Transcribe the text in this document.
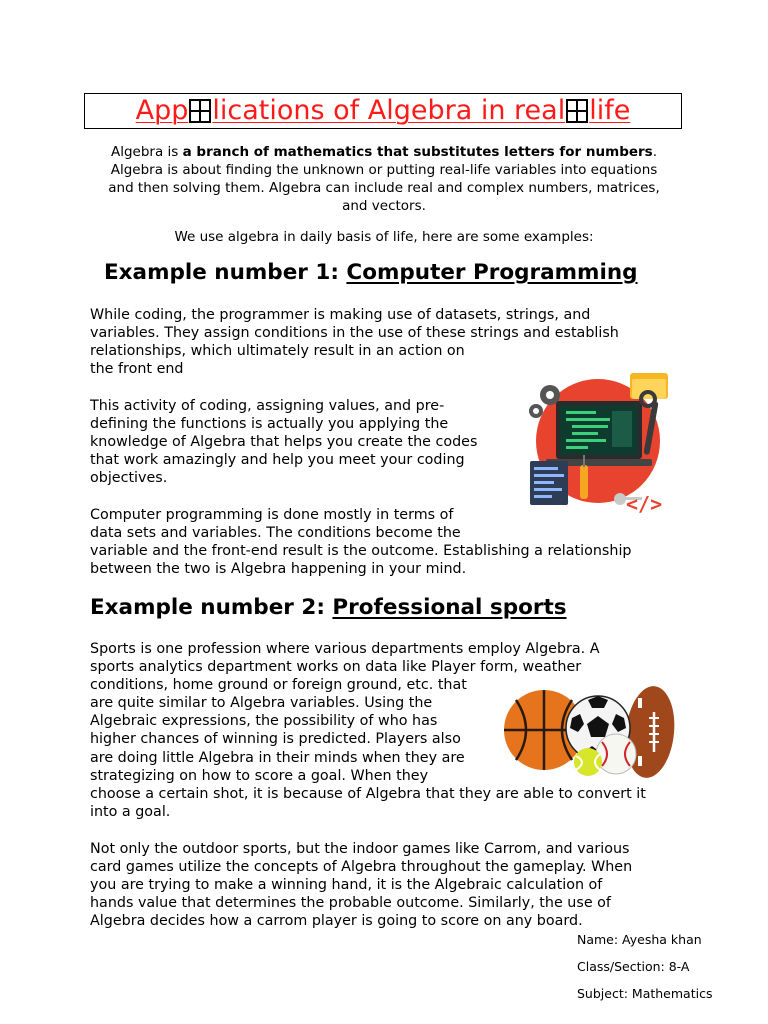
App lications of Algebra in real life

Algebra is a branch of mathematics that substitutes letters for numbers. Algebra is about finding the unknown or putting real-life variables into equations and then solving them. Algebra can include real and complex numbers, matrices, and vectors.

We use algebra in daily basis of life, here are some examples:

Example number 1: Computer Programming

While coding, the programmer is making use of datasets, strings, and
variables. They assign conditions in the use of these strings and establish
relationships, which ultimately result in an action on
the front end

This activity of coding, assigning values, and pre-
defining the functions is actually you applying the
knowledge of Algebra that helps you create the codes
that work amazingly and help you meet your coding
objectives.

Computer programming is done mostly in terms of
data sets and variables. The conditions become the
variable and the front-end result is the outcome. Establishing a relationship
between the two is Algebra happening in your mind.

</>
Example number 2: Professional sports

Sports is one profession where various departments employ Algebra. A
sports analytics department works on data like Player form, weather
conditions, home ground or foreign ground, etc. that
are quite similar to Algebra variables. Using the
Algebraic expressions, the possibility of who has
higher chances of winning is predicted. Players also
are doing little Algebra in their minds when they are
strategizing on how to score a goal. When they
choose a certain shot, it is because of Algebra that they are able to convert it
into a goal.

Not only the outdoor sports, but the indoor games like Carrom, and various
card games utilize the concepts of Algebra throughout the gameplay. When
you are trying to make a winning hand, it is the Algebraic calculation of
hands value that determines the probable outcome. Similarly, the use of
Algebra decides how a carrom player is going to score on any board.

Name: Ayesha khan
Class/Section: 8-A
Subject: Mathematics
